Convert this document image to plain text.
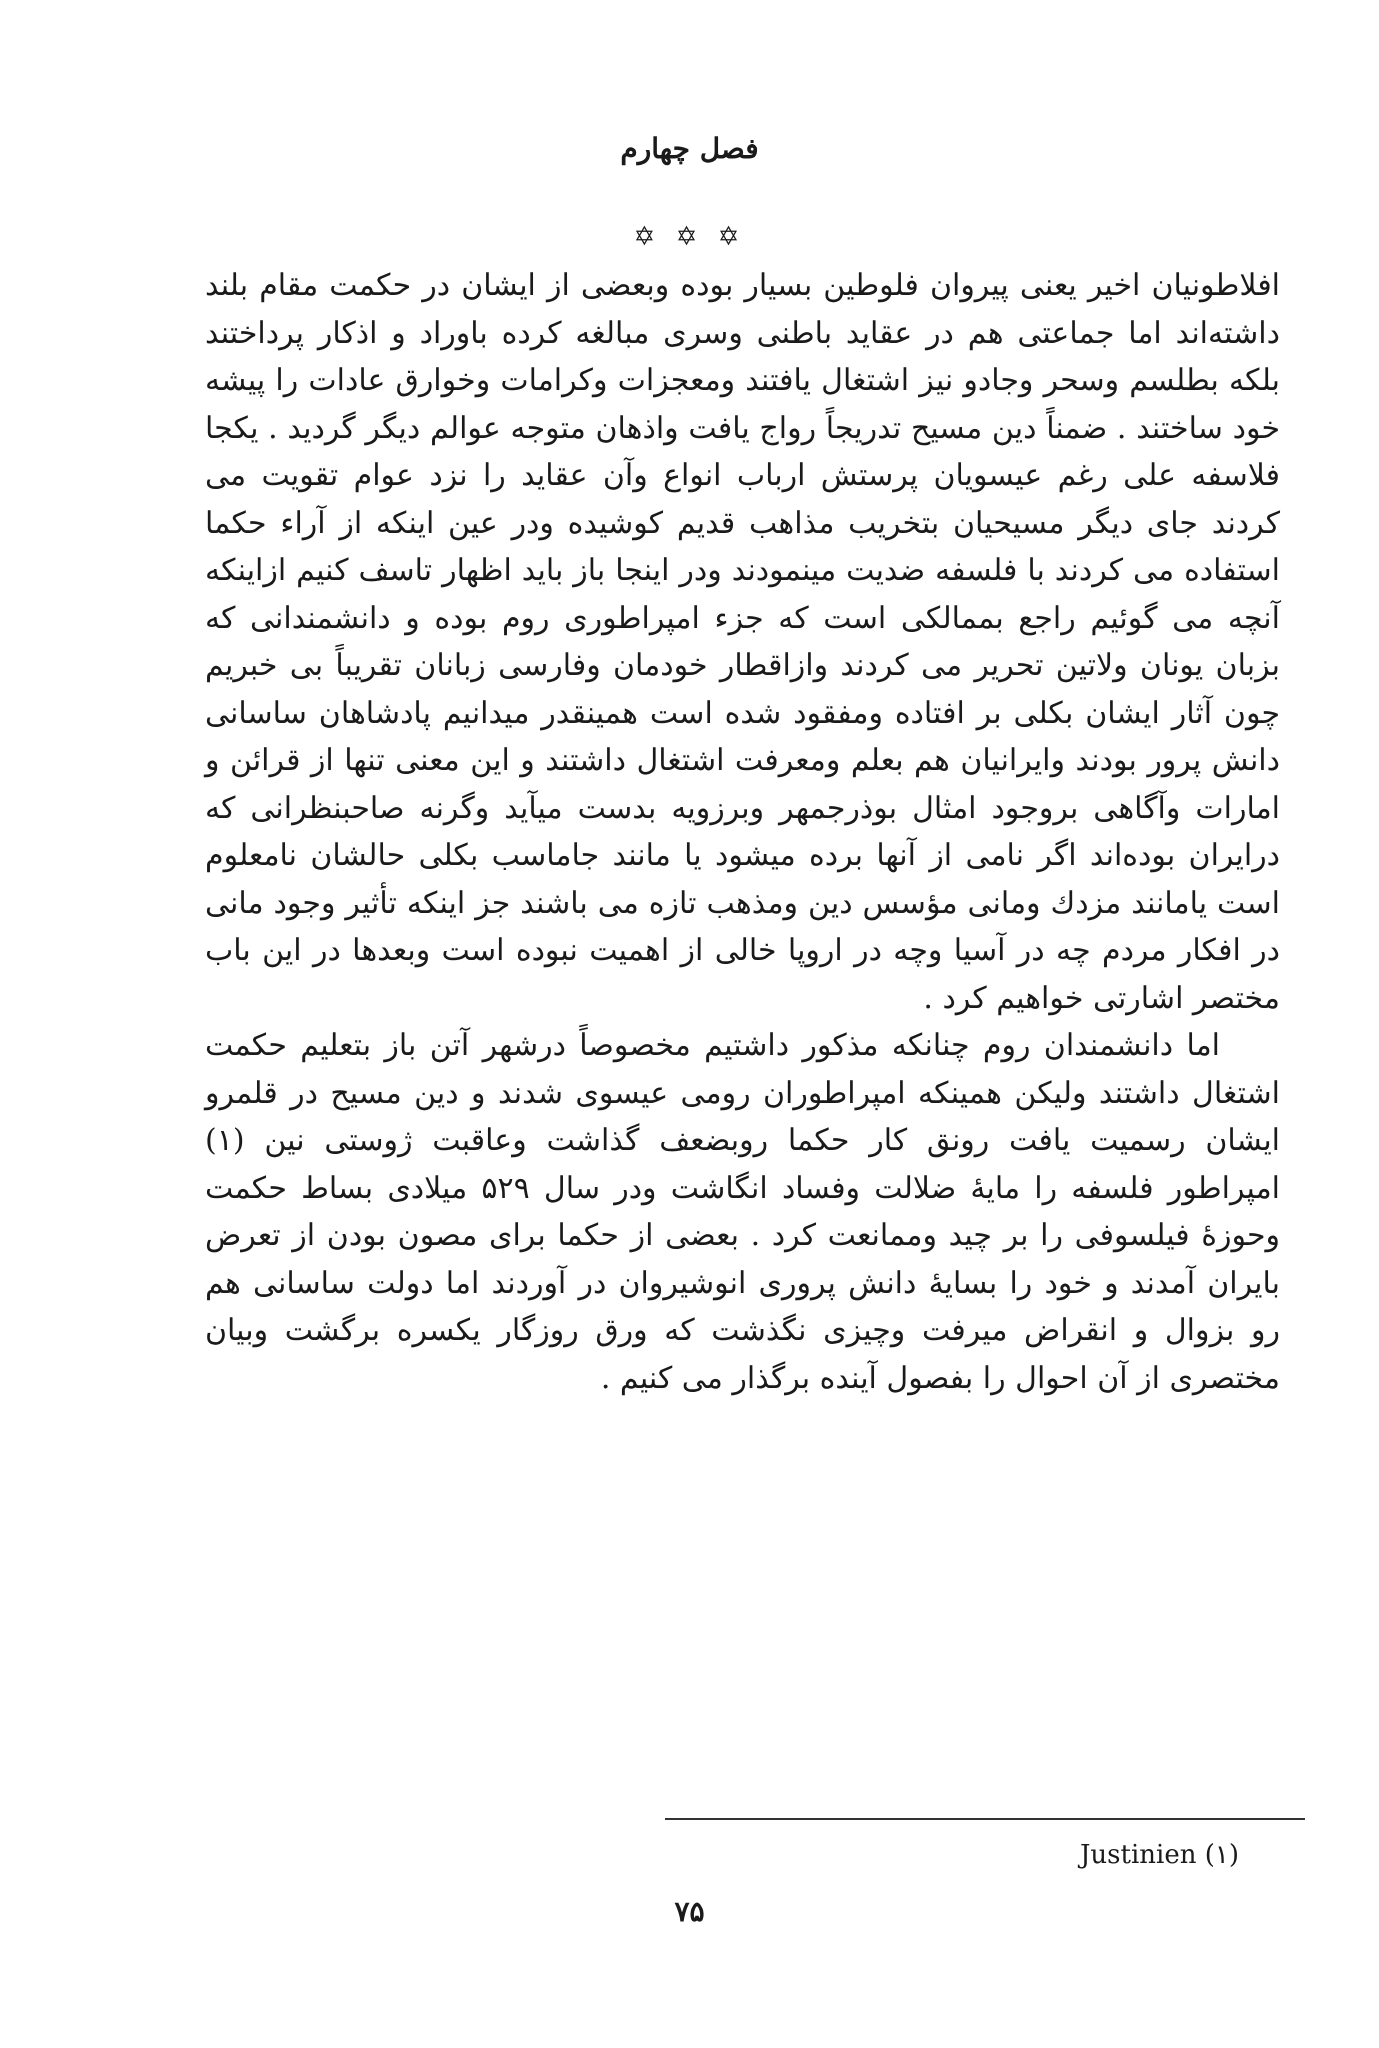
فصل چهارم
✡ ✡ ✡

افلاطونیان اخیر یعنی پیروان فلوطین بسیار بوده وبعضی از ایشان در حکمت مقام بلند داشته‌اند اما جماعتی هم در عقاید باطنی وسری مبالغه کرده باوراد و اذکار پرداختند بلکه بطلسم وسحر وجادو نیز اشتغال یافتند ومعجزات وکرامات وخوارق عادات را پیشه خود ساختند . ضمناً دین مسیح تدریجاً رواج یافت واذهان متوجه عوالم دیگر گردید . یکجا فلاسفه علی رغم عیسویان پرستش ارباب انواع وآن عقاید را نزد عوام تقویت می کردند جای دیگر مسیحیان بتخریب مذاهب قدیم کوشیده ودر عین اینکه از آراء حکما استفاده می کردند با فلسفه ضدیت مینمودند ودر اینجا باز باید اظهار تاسف کنیم ازاینکه آنچه می گوئیم راجع بممالکی است که جزء امپراطوری روم بوده و دانشمندانی که بزبان یونان ولاتین تحریر می کردند وازاقطار خودمان وفارسی زبانان تقریباً بی خبریم چون آثار ایشان بکلی بر افتاده ومفقود شده است همینقدر میدانیم پادشاهان ساسانی دانش پرور بودند وایرانیان هم بعلم ومعرفت اشتغال داشتند و این معنی تنها از قرائن و امارات وآگاهی بروجود امثال بوذرجمهر وبرزویه بدست میآید وگرنه صاحبنظرانی که درایران بوده‌اند اگر نامی از آنها برده میشود یا مانند جاماسب بکلی حالشان نامعلوم است یامانند مزدك ومانی مؤسس دین ومذهب تازه می باشند جز اینکه تأثیر وجود مانی در افکار مردم چه در آسیا وچه در اروپا خالی از اهمیت نبوده است وبعدها در این باب مختصر اشارتی خواهیم کرد .

اما دانشمندان روم چنانکه مذکور داشتیم مخصوصاً درشهر آتن باز بتعلیم حکمت اشتغال داشتند ولیکن همینکه امپراطوران رومی عیسوی شدند و دین مسیح در قلمرو ایشان رسمیت یافت رونق کار حکما روبضعف گذاشت وعاقبت ژوستی نین (۱) امپراطور فلسفه را مایهٔ ضلالت وفساد انگاشت ودر سال ۵۲۹ میلادی بساط حکمت وحوزهٔ فیلسوفی را بر چید وممانعت کرد . بعضی از حکما برای مصون بودن از تعرض بایران آمدند و خود را بسایهٔ دانش پروری انوشیروان در آوردند اما دولت ساسانی هم رو بزوال و انقراض میرفت وچیزی نگذشت که ورق روزگار یکسره برگشت وبیان مختصری از آن احوال را بفصول آینده برگذار می کنیم .

Justinien (۱)
۷۵
